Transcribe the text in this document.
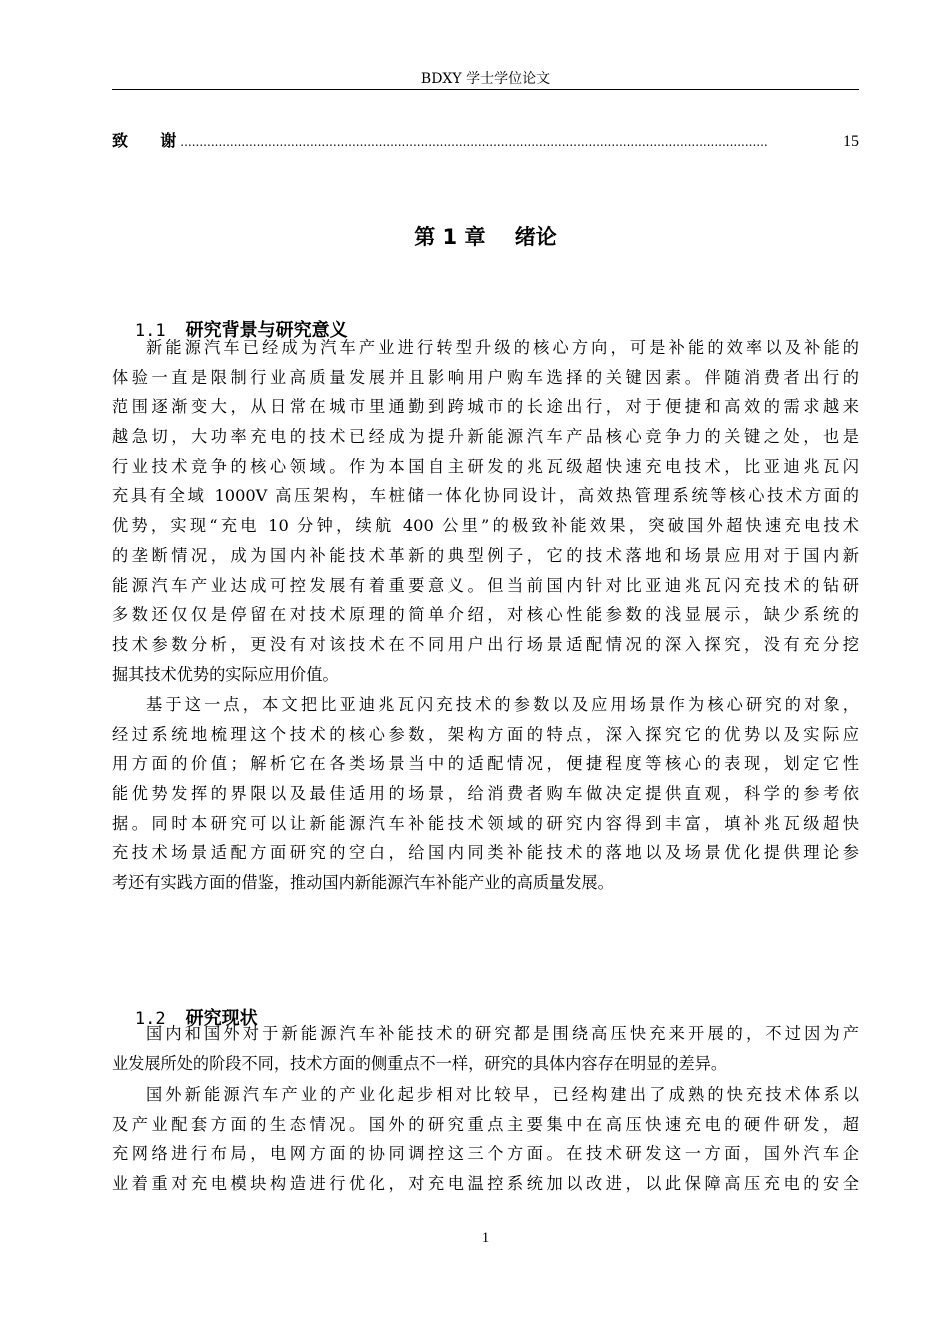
BDXY 学士学位论文
致    谢 ..........................................................................................................................................................	15
第 1 章    绪论

1.1 研究背景与研究意义

新能源汽车已经成为汽车产业进行转型升级的核心方向，可是补能的效率以及补能的
体验一直是限制行业高质量发展并且影响用户购车选择的关键因素。伴随消费者出行的
范围逐渐变大，从日常在城市里通勤到跨城市的长途出行，对于便捷和高效的需求越来
越急切，大功率充电的技术已经成为提升新能源汽车产品核心竞争力的关键之处，也是
行业技术竞争的核心领域。作为本国自主研发的兆瓦级超快速充电技术，比亚迪兆瓦闪
充具有全域 1000V 高压架构，车桩储一体化协同设计，高效热管理系统等核心技术方面的
优势，实现“充电 10 分钟，续航 400 公里”的极致补能效果，突破国外超快速充电技术
的垄断情况，成为国内补能技术革新的典型例子，它的技术落地和场景应用对于国内新
能源汽车产业达成可控发展有着重要意义。但当前国内针对比亚迪兆瓦闪充技术的钻研
多数还仅仅是停留在对技术原理的简单介绍，对核心性能参数的浅显展示，缺少系统的
技术参数分析，更没有对该技术在不同用户出行场景适配情况的深入探究，没有充分挖
掘其技术优势的实际应用价值。
基于这一点，本文把比亚迪兆瓦闪充技术的参数以及应用场景作为核心研究的对象，
经过系统地梳理这个技术的核心参数，架构方面的特点，深入探究它的优势以及实际应
用方面的价值；解析它在各类场景当中的适配情况，便捷程度等核心的表现，划定它性
能优势发挥的界限以及最佳适用的场景，给消费者购车做决定提供直观，科学的参考依
据。同时本研究可以让新能源汽车补能技术领域的研究内容得到丰富，填补兆瓦级超快
充技术场景适配方面研究的空白，给国内同类补能技术的落地以及场景优化提供理论参
考还有实践方面的借鉴，推动国内新能源汽车补能产业的高质量发展。

1.2 研究现状

国内和国外对于新能源汽车补能技术的研究都是围绕高压快充来开展的，不过因为产
业发展所处的阶段不同，技术方面的侧重点不一样，研究的具体内容存在明显的差异。
国外新能源汽车产业的产业化起步相对比较早，已经构建出了成熟的快充技术体系以
及产业配套方面的生态情况。国外的研究重点主要集中在高压快速充电的硬件研发，超
充网络进行布局，电网方面的协同调控这三个方面。在技术研发这一方面，国外汽车企
业着重对充电模块构造进行优化，对充电温控系统加以改进，以此保障高压充电的安全
1
